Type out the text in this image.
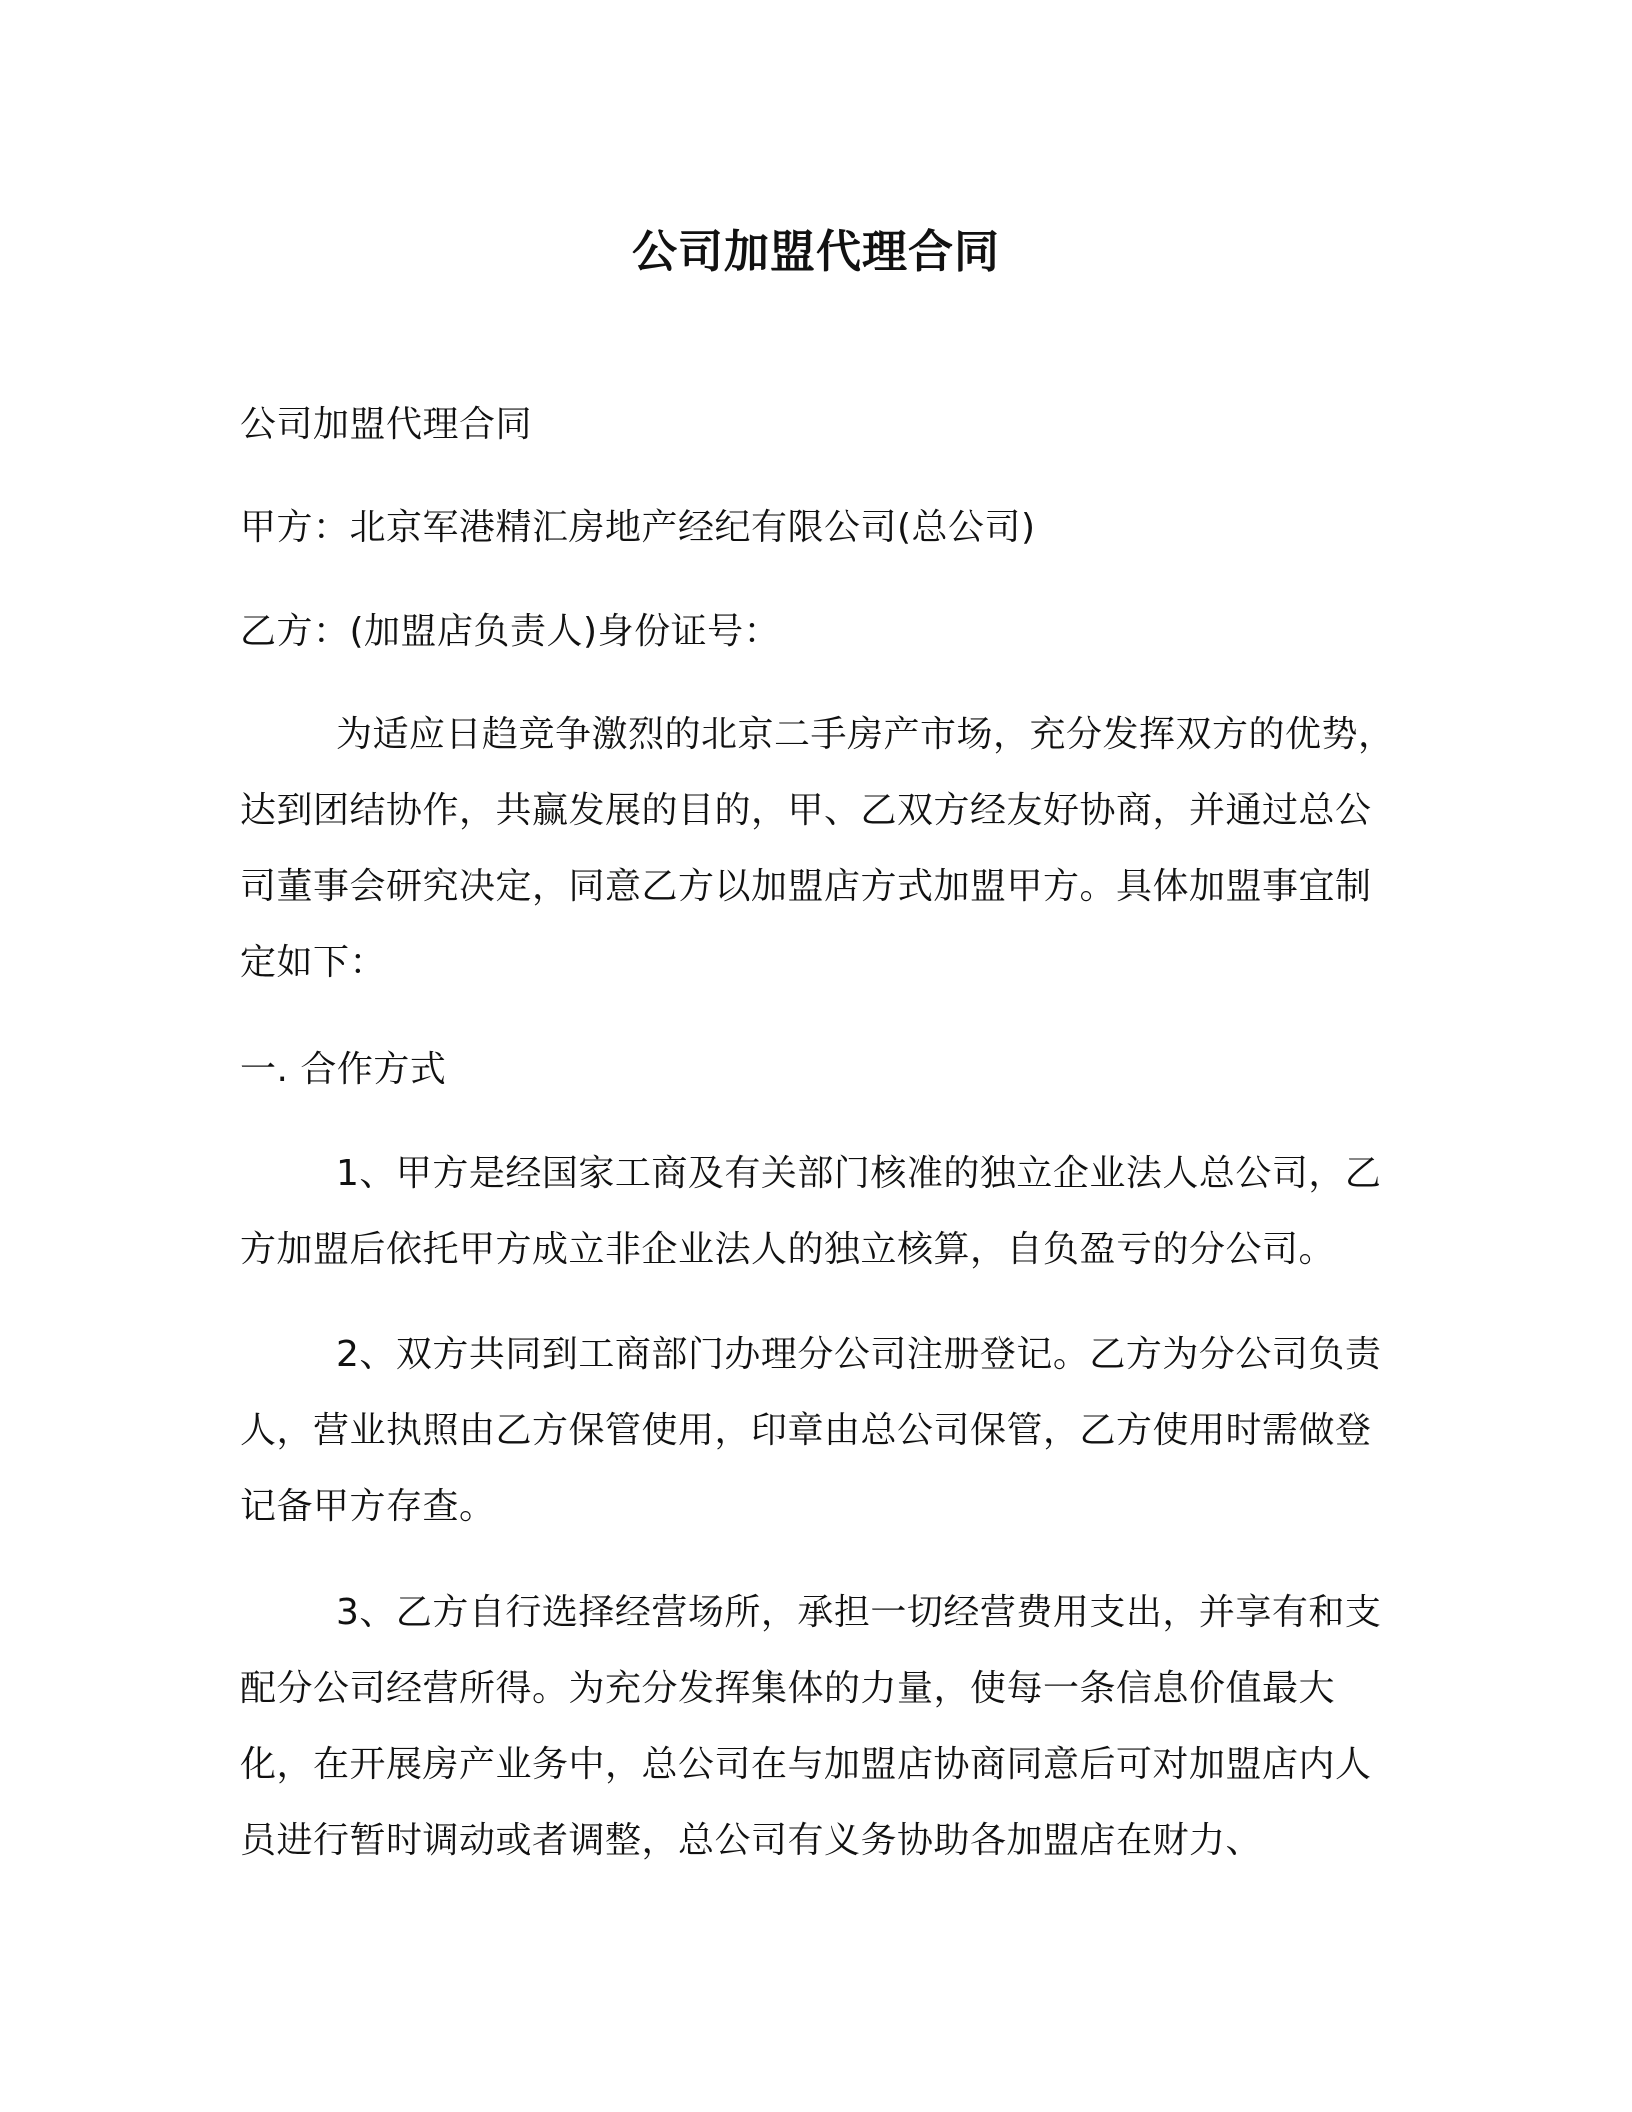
公司加盟代理合同

公司加盟代理合同

甲方：北京军港精汇房地产经纪有限公司(总公司)

乙方：(加盟店负责人)身份证号：

为适应日趋竞争激烈的北京二手房产市场，充分发挥双方的优势，达到团结协作，共赢发展的目的，甲、乙双方经友好协商，并通过总公司董事会研究决定，同意乙方以加盟店方式加盟甲方。具体加盟事宜制定如下：

一. 合作方式

1、甲方是经国家工商及有关部门核准的独立企业法人总公司，乙方加盟后依托甲方成立非企业法人的独立核算，自负盈亏的分公司。

2、双方共同到工商部门办理分公司注册登记。乙方为分公司负责人，营业执照由乙方保管使用，印章由总公司保管，乙方使用时需做登记备甲方存查。

3、乙方自行选择经营场所，承担一切经营费用支出，并享有和支配分公司经营所得。为充分发挥集体的力量，使每一条信息价值最大化，在开展房产业务中，总公司在与加盟店协商同意后可对加盟店内人员进行暂时调动或者调整，总公司有义务协助各加盟店在财力、
